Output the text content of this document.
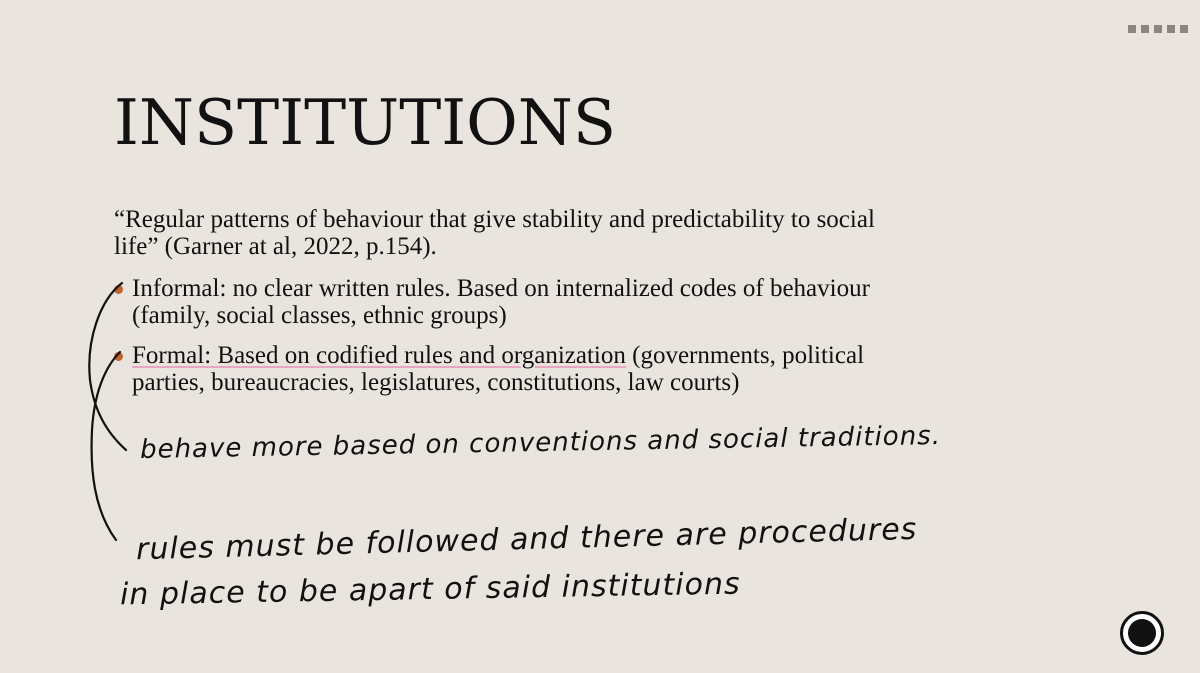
INSTITUTIONS
“Regular patterns of behaviour that give stability and predictability to social
life” (Garner at al, 2022, p.154).
Informal: no clear written rules. Based on internalized codes of behaviour
(family, social classes, ethnic groups)
Formal: Based on codified rules and organization (governments, political
parties, bureaucracies, legislatures, constitutions, law courts)
behave more based on conventions and social traditions.
rules must be followed and there are procedures
in place to be apart of said institutions
